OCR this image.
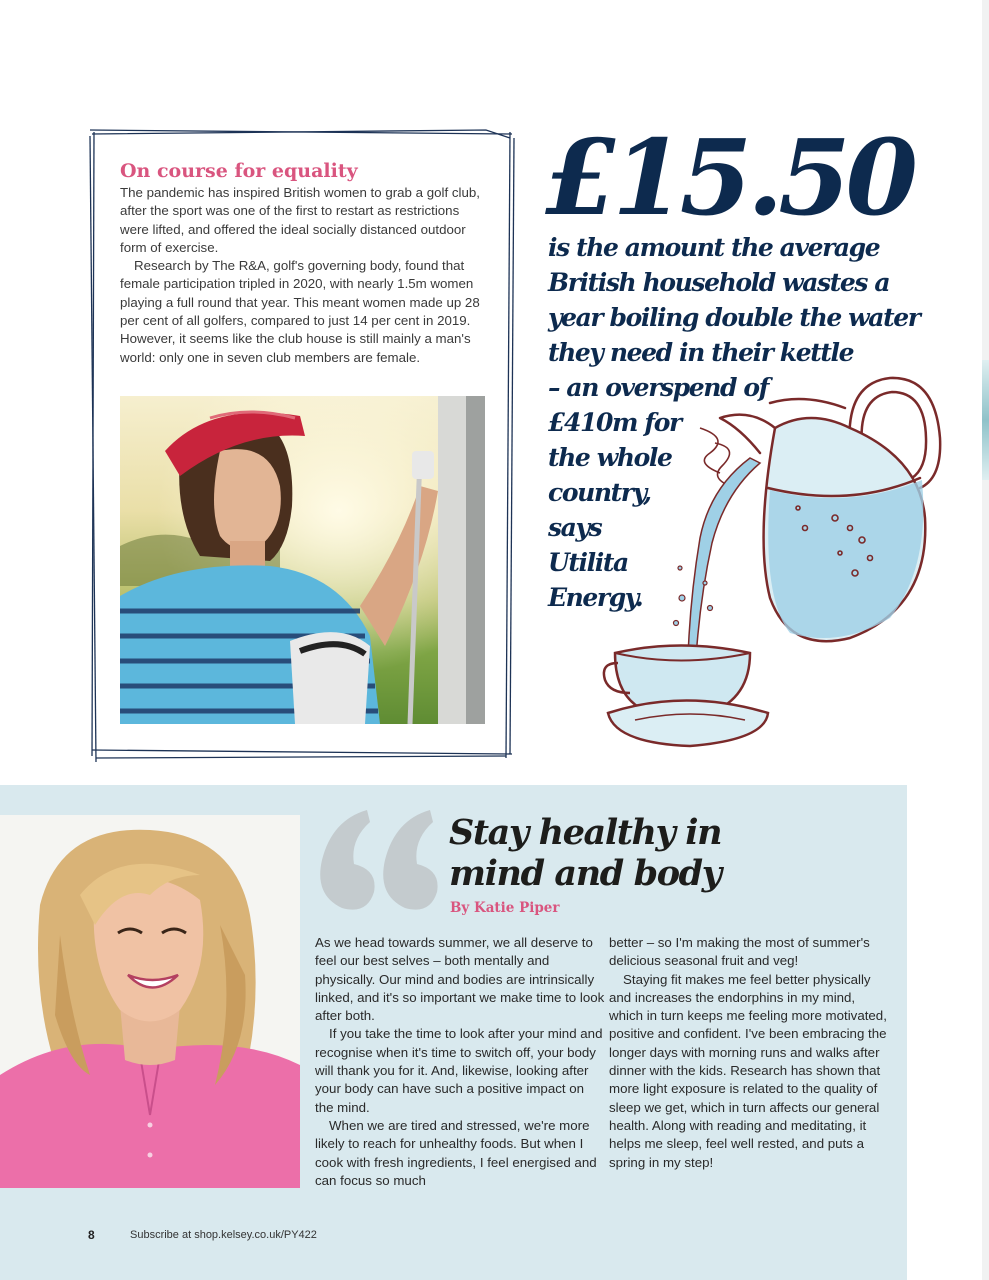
On course for equality

The pandemic has inspired British women to grab a golf club, after the sport was one of the first to restart as restrictions were lifted, and offered the ideal socially distanced outdoor form of exercise.

Research by The R&A, golf's governing body, found that female participation tripled in 2020, with nearly 1.5m women playing a full round that year. This meant women made up 28 per cent of all golfers, compared to just 14 per cent in 2019. However, it seems like the club house is still mainly a man's world: only one in seven club members are female.

£15.50
is the amount the average
British household wastes a
year boiling double the water
they need in their kettle
– an overspend of
£410m for
the whole
country,
says
Utilita
Energy.
Stay healthy in
mind and body
By Katie Piper

As we head towards summer, we all deserve to feel our best selves – both mentally and physically. Our mind and bodies are intrinsically linked, and it's so important we make time to look after both.

If you take the time to look after your mind and recognise when it's time to switch off, your body will thank you for it. And, likewise, looking after your body can have such a positive impact on the mind.

When we are tired and stressed, we're more likely to reach for unhealthy foods. But when I cook with fresh ingredients, I feel energised and can focus so much

better – so I'm making the most of summer's delicious seasonal fruit and veg!

Staying fit makes me feel better physically and increases the endorphins in my mind, which in turn keeps me feeling more motivated, positive and confident. I've been embracing the longer days with morning runs and walks after dinner with the kids. Research has shown that more light exposure is related to the quality of sleep we get, which in turn affects our general health. Along with reading and meditating, it helps me sleep, feel well rested, and puts a spring in my step!

8	Subscribe at shop.kelsey.co.uk/PY422
